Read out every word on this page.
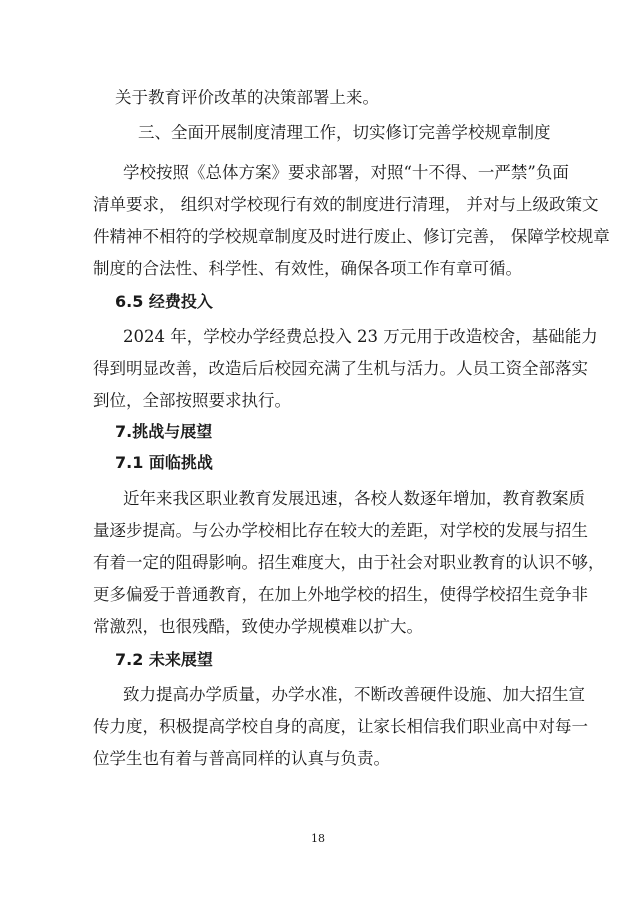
关于教育评价改革的决策部署上来。
三、全面开展制度清理工作，切实修订完善学校规章制度
学校按照《总体方案》要求部署，对照“十不得、一严禁”负面
清单要求， 组织对学校现行有效的制度进行清理， 并对与上级政策文
件精神不相符的学校规章制度及时进行废止、修订完善， 保障学校规章
制度的合法性、科学性、有效性，确保各项工作有章可循。
6.5 经费投入
2024 年，学校办学经费总投入 23 万元用于改造校舍，基础能力
得到明显改善，改造后后校园充满了生机与活力。人员工资全部落实
到位，全部按照要求执行。
7.挑战与展望
7.1 面临挑战
近年来我区职业教育发展迅速，各校人数逐年增加，教育教案质
量逐步提高。与公办学校相比存在较大的差距，对学校的发展与招生
有着一定的阻碍影响。招生难度大，由于社会对职业教育的认识不够，
更多偏爱于普通教育，在加上外地学校的招生，使得学校招生竞争非
常激烈，也很残酷，致使办学规模难以扩大。
7.2 未来展望
致力提高办学质量，办学水准，不断改善硬件设施、加大招生宣
传力度，积极提高学校自身的高度，让家长相信我们职业高中对每一
位学生也有着与普高同样的认真与负责。
18
